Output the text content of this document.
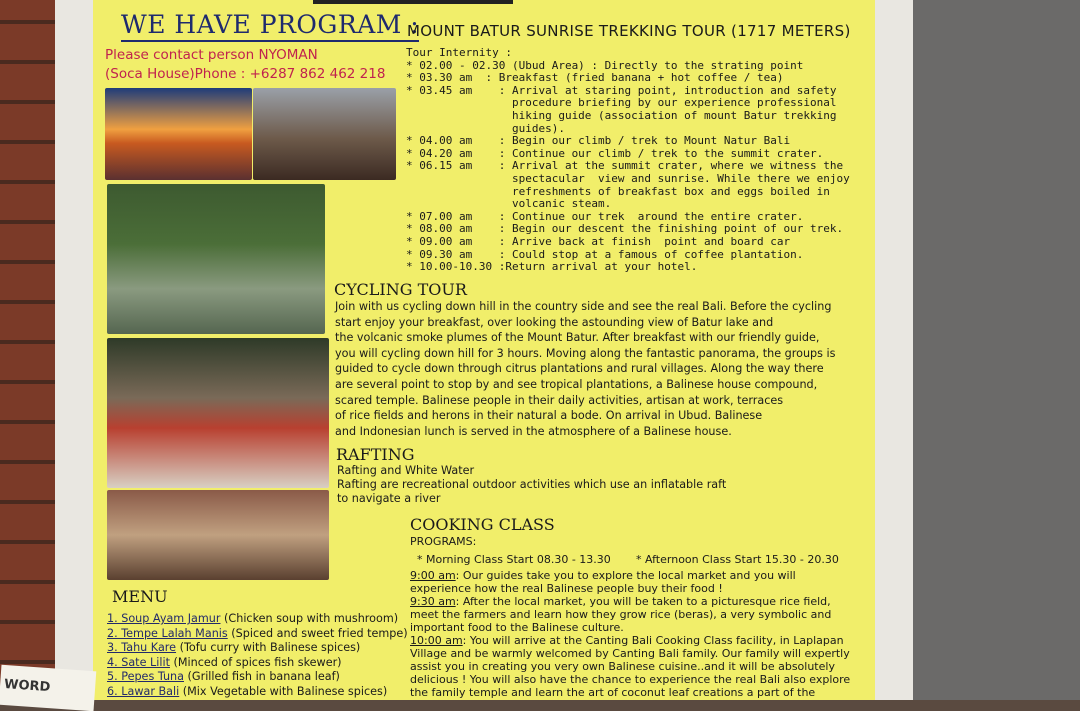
WE HAVE PROGRAM :
Please contact person NYOMAN
(Soca House)Phone : +6287 862 462 218
MOUNT BATUR SUNRISE TREKKING TOUR (1717 METERS)
Tour Internity :
* 02.00 - 02.30 (Ubud Area) : Directly to the strating point
* 03.30 am  : Breakfast (fried banana + hot coffee / tea)
* 03.45 am    : Arrival at staring point, introduction and safety
procedure briefing by our experience professional
hiking guide (association of mount Batur trekking
guides).
* 04.00 am    : Begin our climb / trek to Mount Natur Bali
* 04.20 am    : Continue our climb / trek to the summit crater.
* 06.15 am    : Arrival at the summit crater, where we witness the
spectacular  view and sunrise. While there we enjoy
refreshments of breakfast box and eggs boiled in
volcanic steam.
* 07.00 am    : Continue our trek  around the entire crater.
* 08.00 am    : Begin our descent the finishing point of our trek.
* 09.00 am    : Arrive back at finish  point and board car
* 09.30 am    : Could stop at a famous of coffee plantation.
* 10.00-10.30 :Return arrival at your hotel.
CYCLING TOUR
Join with us cycling down hill in the country side and see the real Bali. Before the cycling
start enjoy your breakfast, over looking the astounding view of Batur lake and
the volcanic smoke plumes of the Mount Batur. After breakfast with our friendly guide,
you will cycling down hill for 3 hours. Moving along the fantastic panorama, the groups is
guided to cycle down through citrus plantations and rural villages. Along the way there
are several point to stop by and see tropical plantations, a Balinese house compound,
scared temple. Balinese people in their daily activities, artisan at work, terraces
of rice fields and herons in their natural a bode. On arrival in Ubud. Balinese
and Indonesian lunch is served in the atmosphere of a Balinese house.
RAFTING
Rafting and White Water
Rafting are recreational outdoor activities which use an inflatable raft
to navigate a river
COOKING CLASS
PROGRAMS:
* Morning Class Start 08.30 - 13.30 * Afternoon Class Start 15.30 - 20.30
9:00 am: Our guides take you to explore the local market and you will
experience how the real Balinese people buy their food !
9:30 am: After the local market, you will be taken to a picturesque rice field,
meet the farmers and learn how they grow rice (beras), a very symbolic and
important food to the Balinese culture.
10:00 am: You will arrive at the Canting Bali Cooking Class facility, in Laplapan
Village and be warmly welcomed by Canting Bali family. Our family will expertly
assist you in creating you very own Balinese cuisine..and it will be absolutely
delicious ! You will also have the chance to experience the real Bali also explore
the family temple and learn the art of coconut leaf creations a part of the
MENU
1. Soup Ayam Jamur (Chicken soup with mushroom)
2. Tempe Lalah Manis (Spiced and sweet fried tempe)
3. Tahu Kare (Tofu curry with Balinese spices)
4. Sate Lilit (Minced of spices fish skewer)
5. Pepes Tuna (Grilled fish in banana leaf)
6. Lawar Bali (Mix Vegetable with Balinese spices)
WORD
